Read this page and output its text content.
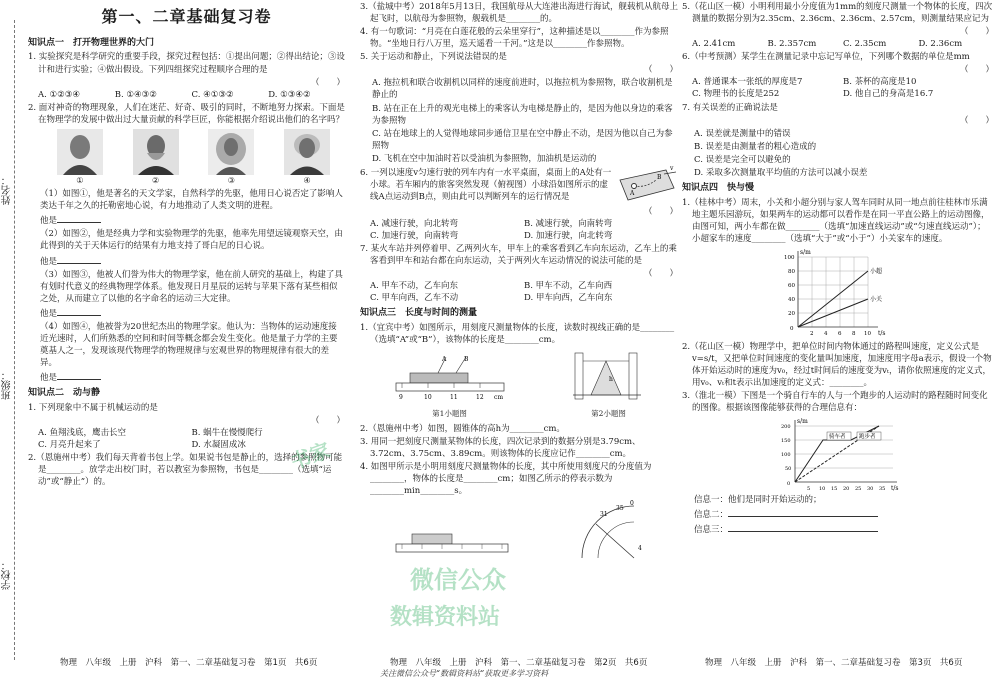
姓名：
班级：
学校：
第一、二章基础复习卷
知识点一　打开物理世界的大门
1. 实验探究是科学研究的重要手段，探究过程包括：①提出问题；②得出结论；③设计和进行实验；④做出假设。下列四组探究过程顺序合理的是
（　　）
A. ①②③④	B. ①④③②	C. ④①③②	D. ①③④②
2. 面对神奇的物理现象，人们在迷茫、好奇、吸引的同时，不断地努力探索。下面是在物理学的发展中做出过大量贡献的科学巨匠，你能根据介绍说出他们的名字吗？
①	②	③	④
（1）如图①，他是著名的天文学家，自然科学的先驱，他用日心说否定了影响人类达千年之久的托勒密地心说，有力地推动了人类文明的进程。
他是
（2）如图②，他是经典力学和实验物理学的先驱，他率先用望远镜观察天空，由此得到的关于天体运行的结果有力地支持了哥白尼的日心说。
他是
（3）如图③，他被人们誉为伟大的物理学家，他在前人研究的基础上，构建了具有划时代意义的经典物理学体系。他发现日月星辰的运转与苹果下落有某些相似之处，从而建立了以他的名字命名的运动三大定律。
他是
（4）如图④，他被誉为20世纪杰出的物理学家。他认为：当物体的运动速度接近光速时，人们所熟悉的空间和时间等概念都会发生变化。他是量子力学的主要奠基人之一，发现该现代物理学的物理规律与宏观世界的物理规律有很大的差异。
他是
知识点二　动与静
1. 下列现象中不属于机械运动的是
（　　）
A. 鱼翔浅底，鹰击长空	B. 蜗牛在慢慢爬行
C. 月亮升起来了	D. 水凝固成冰
2.（恩施州中考）我们每天背着书包上学。如果说书包是静止的，选择的参照物可能是________。放学走出校门时，若以教室为参照物，书包是________（选填“运动”或“静止”）的。
3.（盐城中考）2018年5月13日，我国航母从大连港出海进行海试，舰载机从航母上起飞时，以航母为参照物，舰载机是________的。
4. 有一句歌词：“月亮在白莲花般的云朵里穿行”，这种描述是以________作为参照物。“坐地日行八万里，巡天遥看一千河。”这是以________作参照物。
5. 关于运动和静止，下列说法错误的是
（　　）
A. 拖拉机和联合收割机以同样的速度前进时，以拖拉机为参照物，联合收割机是静止的
B. 站在正在上升的观光电梯上的乘客认为电梯是静止的，是因为他以身边的乘客为参照物
C. 站在地球上的人觉得地球同步通信卫星在空中静止不动，是因为他以自己为参照物
D. 飞机在空中加油时若以受油机为参照物，加油机是运动的
6. 一列以速度v匀速行驶的列车内有一水平桌面，桌面上的A处有一小球。若车厢内的旅客突然发现（俯视图）小球沿如图所示的虚线A点运动到B点，则由此可以判断列车的运行情况是	A
B
v
（　　）
A. 减速行驶，向北转弯	B. 减速行驶，向南转弯
C. 加速行驶，向南转弯	D. 加速行驶，向北转弯
7. 某火车站并列停着甲、乙两列火车，甲车上的乘客看到乙车向东运动，乙车上的乘客看到甲车和站台都在向东运动，关于两列火车运动情况的说法可能的是
（　　）
A. 甲车不动，乙车向东	B. 甲车不动，乙车向西
C. 甲车向西，乙车不动	D. 甲车向西，乙车向东
知识点三　长度与时间的测量
1.（宜宾中考）如图所示，用刻度尺测量物体的长度，读数时视线正确的是________（选填“A”或“B”），该物体的长度是________cm。
A	B
9	10	11	12 cm
第1小题图
h
第2小题图
2.（恩施州中考）如图，圆锥体的高h为________cm。
3. 用同一把刻度尺测量某物体的长度，四次记录到的数据分别是3.79cm、3.72cm、3.75cm、3.89cm。则该物体的长度应记作________cm。
4. 如图甲所示是小明用刻度尺测量物体的长度，其中所使用刻度尺的分度值为________，物体的长度是________cm；如图乙所示的停表示数为________min________s。
0
31
35
4
5.（花山区一模）小明利用最小分度值为1mm的刻度尺测量一个物体的长度，四次测量的数据分别为2.35cm、2.36cm、2.36cm、2.57cm，则测量结果应记为
（　　）
A. 2.41cm	B. 2.357cm	C. 2.35cm	D. 2.36cm
6.（中考预测）某学生在测量记录中忘记写单位，下列哪个数据的单位是mm
（　　）
A. 普通课本一张纸的厚度是7	B. 茶杯的高度是10
C. 物理书的长度是252	D. 他自己的身高是16.7
7. 有关误差的正确说法是
（　　）
A. 误差就是测量中的错误
B. 误差是由测量者的粗心造成的
C. 误差是完全可以避免的
D. 采取多次测量取平均值的方法可以减小误差
知识点四　快与慢
1.（桂林中考）周末，小关和小超分别与家人驾车同时从同一地点前往桂林市乐满地主题乐园游玩，如果两车的运动都可以看作是在同一平直公路上的运动图像，由图可知，两小车都在做________（选填“加速直线运动”或“匀速直线运动”）；小超家车的速度________（选填“大于”或“小于”）小关家车的速度。
小超
小关
s/m
t/s
0
20
40
60
80
100
2 4 6 8 10
2.（花山区一模）物理学中，把单位时间内物体通过的路程叫速度，定义公式是v=s/t，又把单位时间速度的变化量叫加速度，加速度用字母a表示，假设一个物体开始运动时的速度为v₀，经过t时间后的速度变为vₜ，请你依照速度的定义式，用v₀、vₜ和t表示出加速度的定义式：________。
3.（淮北一模）下图是一个骑自行车的人与一个跑步的人运动时的路程随时间变化的图像。根据该图像能够获得的合理信息有：
骑车者 跑步者
s/m
t/s
0
50
100
150
200
5 10 15 20 25 30 35
信息一：他们是同时开始运动的；
信息二：
信息三：
微信公众
数辑资料站
书家
物理　八年级　上册　沪科　第一、二章基础复习卷　第1页　共6页	物理　八年级　上册　沪科　第一、二章基础复习卷　第2页　共6页	物理　八年级　上册　沪科　第一、二章基础复习卷　第3页　共6页
关注微信公众号“数辑资料站”获取更多学习资料
